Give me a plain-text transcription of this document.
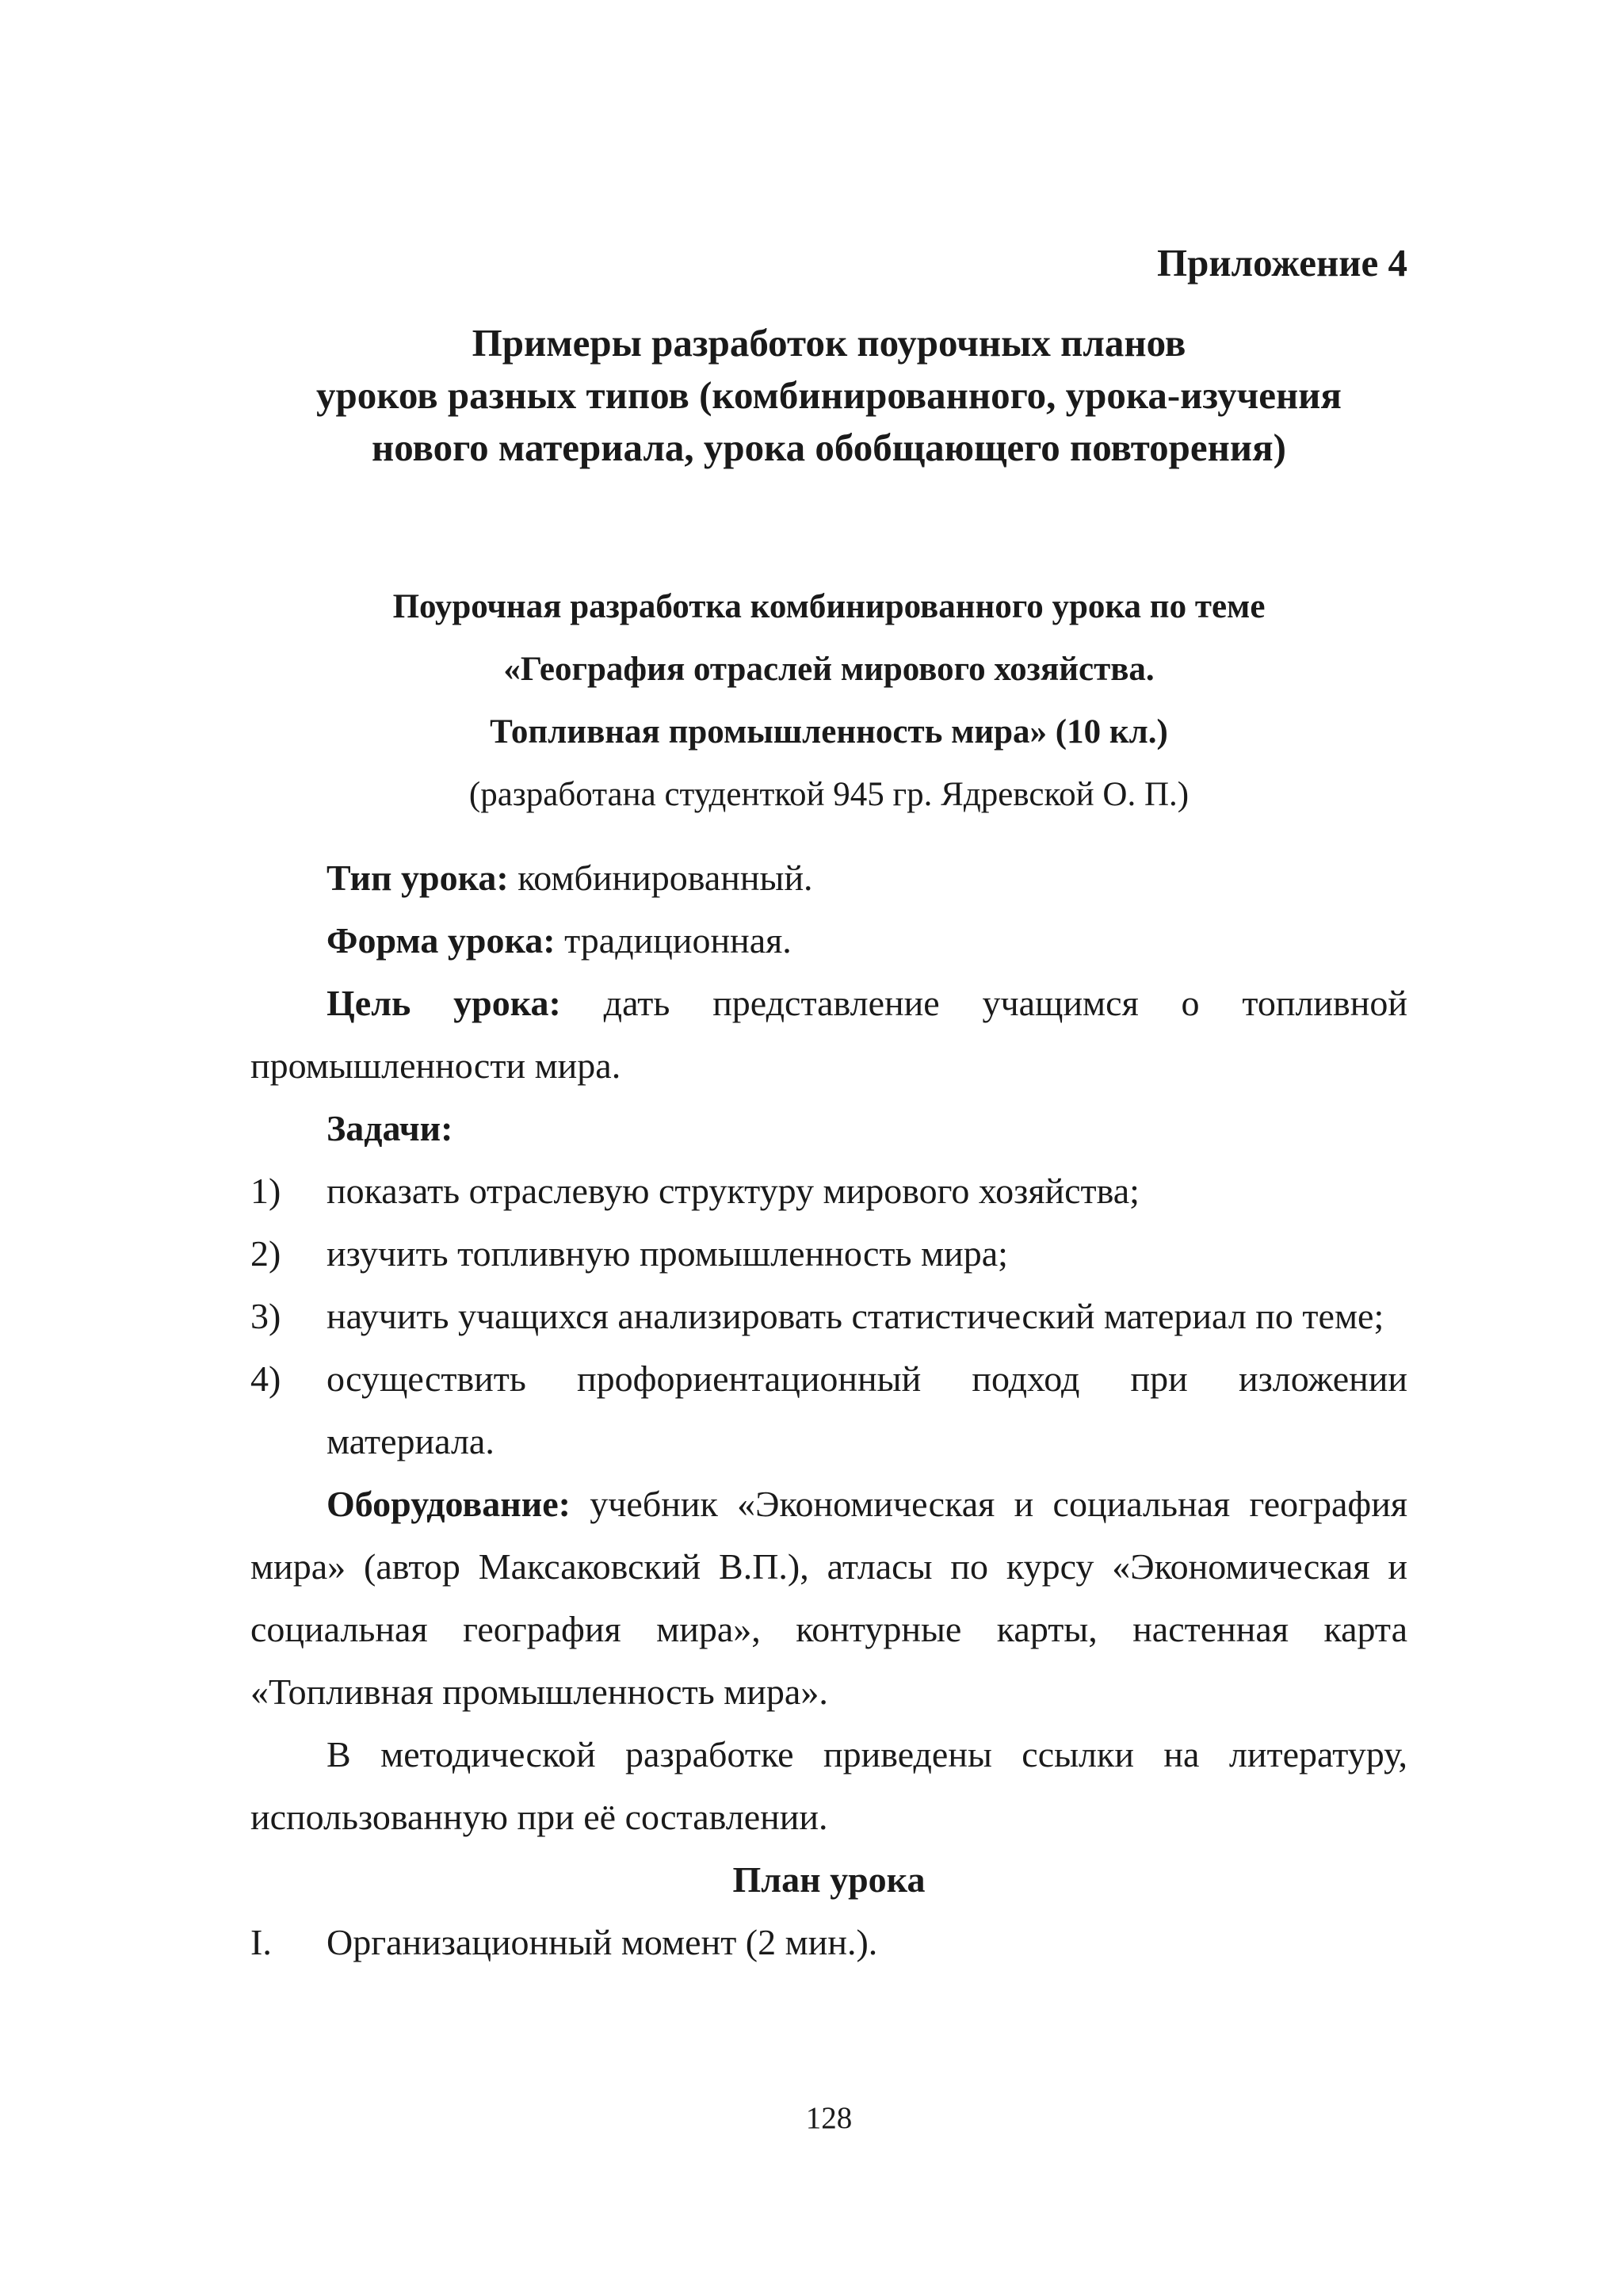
Приложение 4
Примеры разработок поурочных планов
уроков разных типов (комбинированного, урока-изучения
нового материала, урока обобщающего повторения)
Поурочная разработка комбинированного урока по теме
«География отраслей мирового хозяйства.
Топливная промышленность мира» (10 кл.)
(разработана студенткой 945 гр. Ядревской О. П.)

Тип урока: комбинированный.

Форма урока: традиционная.

Цель урока: дать представление учащимся о топливной промышленности мира.

Задачи:

1) показать отраслевую структуру мирового хозяйства;
2) изучить топливную промышленность мира;
3) научить учащихся анализировать статистический материал по теме;
4) осуществить профориентационный подход при изложении материала.

Оборудование: учебник «Экономическая и социальная география мира» (автор Максаковский В.П.), атласы по курсу «Экономическая и социальная география мира», контурные карты, настенная карта «Топливная промышленность мира».

В методической разработке приведены ссылки на литературу, использованную при её составлении.

План урока
I. Организационный момент (2 мин.).
128
